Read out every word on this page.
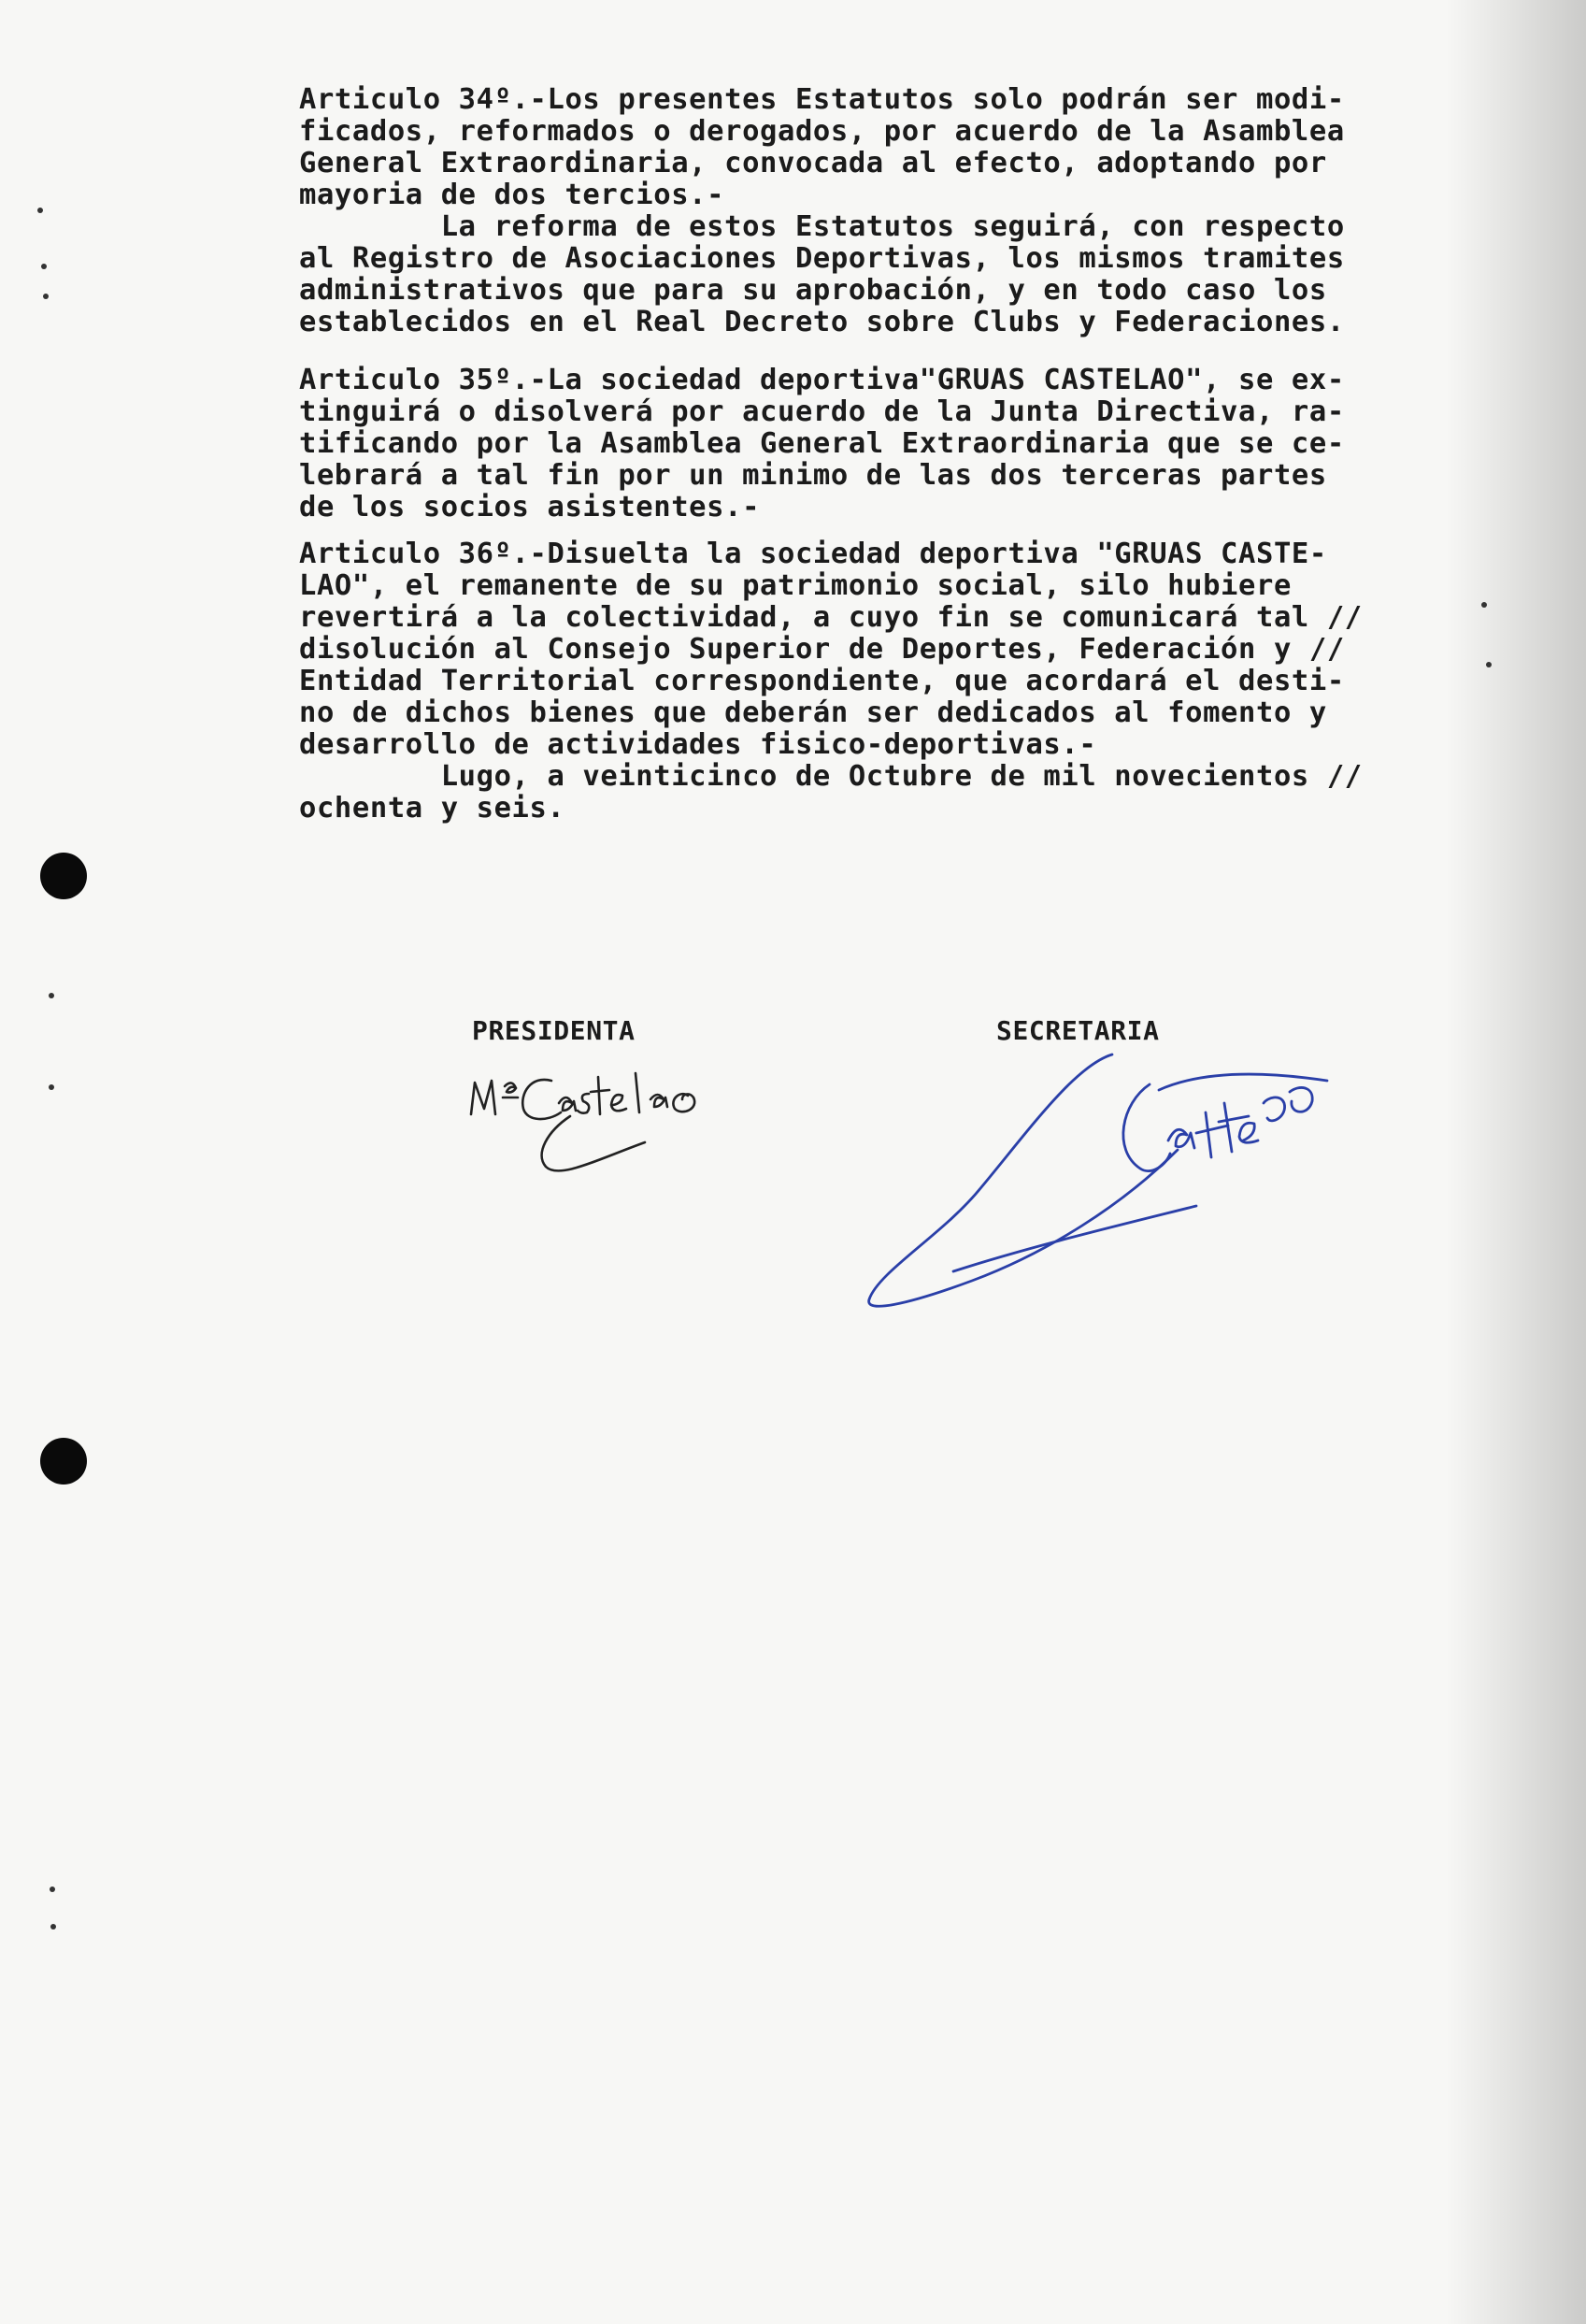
Articulo 34º.-Los presentes Estatutos solo podrán ser modi-

ficados, reformados o derogados, por acuerdo de la Asamblea

General Extraordinaria, convocada al efecto, adoptando por

mayoria de dos tercios.-

La reforma de estos Estatutos seguirá, con respecto

al Registro de Asociaciones Deportivas, los mismos tramites

administrativos que para su aprobación, y en todo caso los

establecidos en el Real Decreto sobre Clubs y Federaciones.

Articulo 35º.-La sociedad deportiva"GRUAS CASTELAO", se ex-

tinguirá o disolverá por acuerdo de la Junta Directiva, ra-

tificando por la Asamblea General Extraordinaria que se ce-

lebrará a tal fin por un minimo de las dos terceras partes

de los socios asistentes.-

Articulo 36º.-Disuelta la sociedad deportiva "GRUAS CASTE-

LAO", el remanente de su patrimonio social, silo hubiere

revertirá a la colectividad, a cuyo fin se comunicará tal //

disolución al Consejo Superior de Deportes, Federación y //

Entidad Territorial correspondiente, que acordará el desti-

no de dichos bienes que deberán ser dedicados al fomento y

desarrollo de actividades fisico-deportivas.-

Lugo, a veinticinco de Octubre de mil novecientos //

ochenta y seis.

PRESIDENTA	SECRETARIA
